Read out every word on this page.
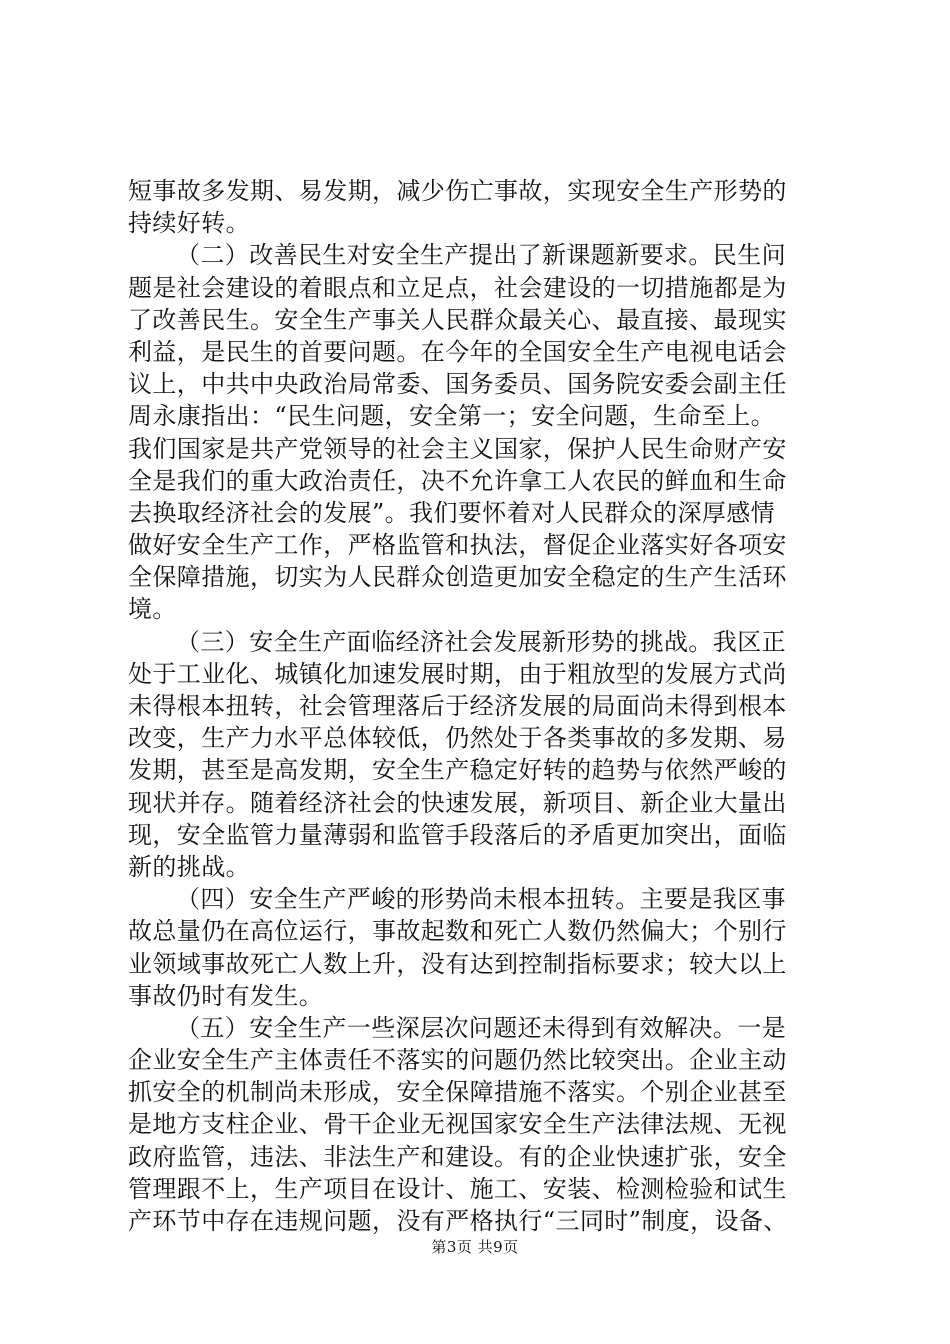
短事故多发期、易发期，减少伤亡事故，实现安全生产形势的
持续好转。
（二）改善民生对安全生产提出了新课题新要求。民生问
题是社会建设的着眼点和立足点，社会建设的一切措施都是为
了改善民生。安全生产事关人民群众最关心、最直接、最现实
利益，是民生的首要问题。在今年的全国安全生产电视电话会
议上，中共中央政治局常委、国务委员、国务院安委会副主任
周永康指出：“民生问题，安全第一；安全问题，生命至上。
我们国家是共产党领导的社会主义国家，保护人民生命财产安
全是我们的重大政治责任，决不允许拿工人农民的鲜血和生命
去换取经济社会的发展”。我们要怀着对人民群众的深厚感情
做好安全生产工作，严格监管和执法，督促企业落实好各项安
全保障措施，切实为人民群众创造更加安全稳定的生产生活环
境。
（三）安全生产面临经济社会发展新形势的挑战。我区正
处于工业化、城镇化加速发展时期，由于粗放型的发展方式尚
未得根本扭转，社会管理落后于经济发展的局面尚未得到根本
改变，生产力水平总体较低，仍然处于各类事故的多发期、易
发期，甚至是高发期，安全生产稳定好转的趋势与依然严峻的
现状并存。随着经济社会的快速发展，新项目、新企业大量出
现，安全监管力量薄弱和监管手段落后的矛盾更加突出，面临
新的挑战。
（四）安全生产严峻的形势尚未根本扭转。主要是我区事
故总量仍在高位运行，事故起数和死亡人数仍然偏大；个别行
业领域事故死亡人数上升，没有达到控制指标要求；较大以上
事故仍时有发生。
（五）安全生产一些深层次问题还未得到有效解决。一是
企业安全生产主体责任不落实的问题仍然比较突出。企业主动
抓安全的机制尚未形成，安全保障措施不落实。个别企业甚至
是地方支柱企业、骨干企业无视国家安全生产法律法规、无视
政府监管，违法、非法生产和建设。有的企业快速扩张，安全
管理跟不上，生产项目在设计、施工、安装、检测检验和试生
产环节中存在违规问题，没有严格执行“三同时”制度，设备、
第3页 共9页
